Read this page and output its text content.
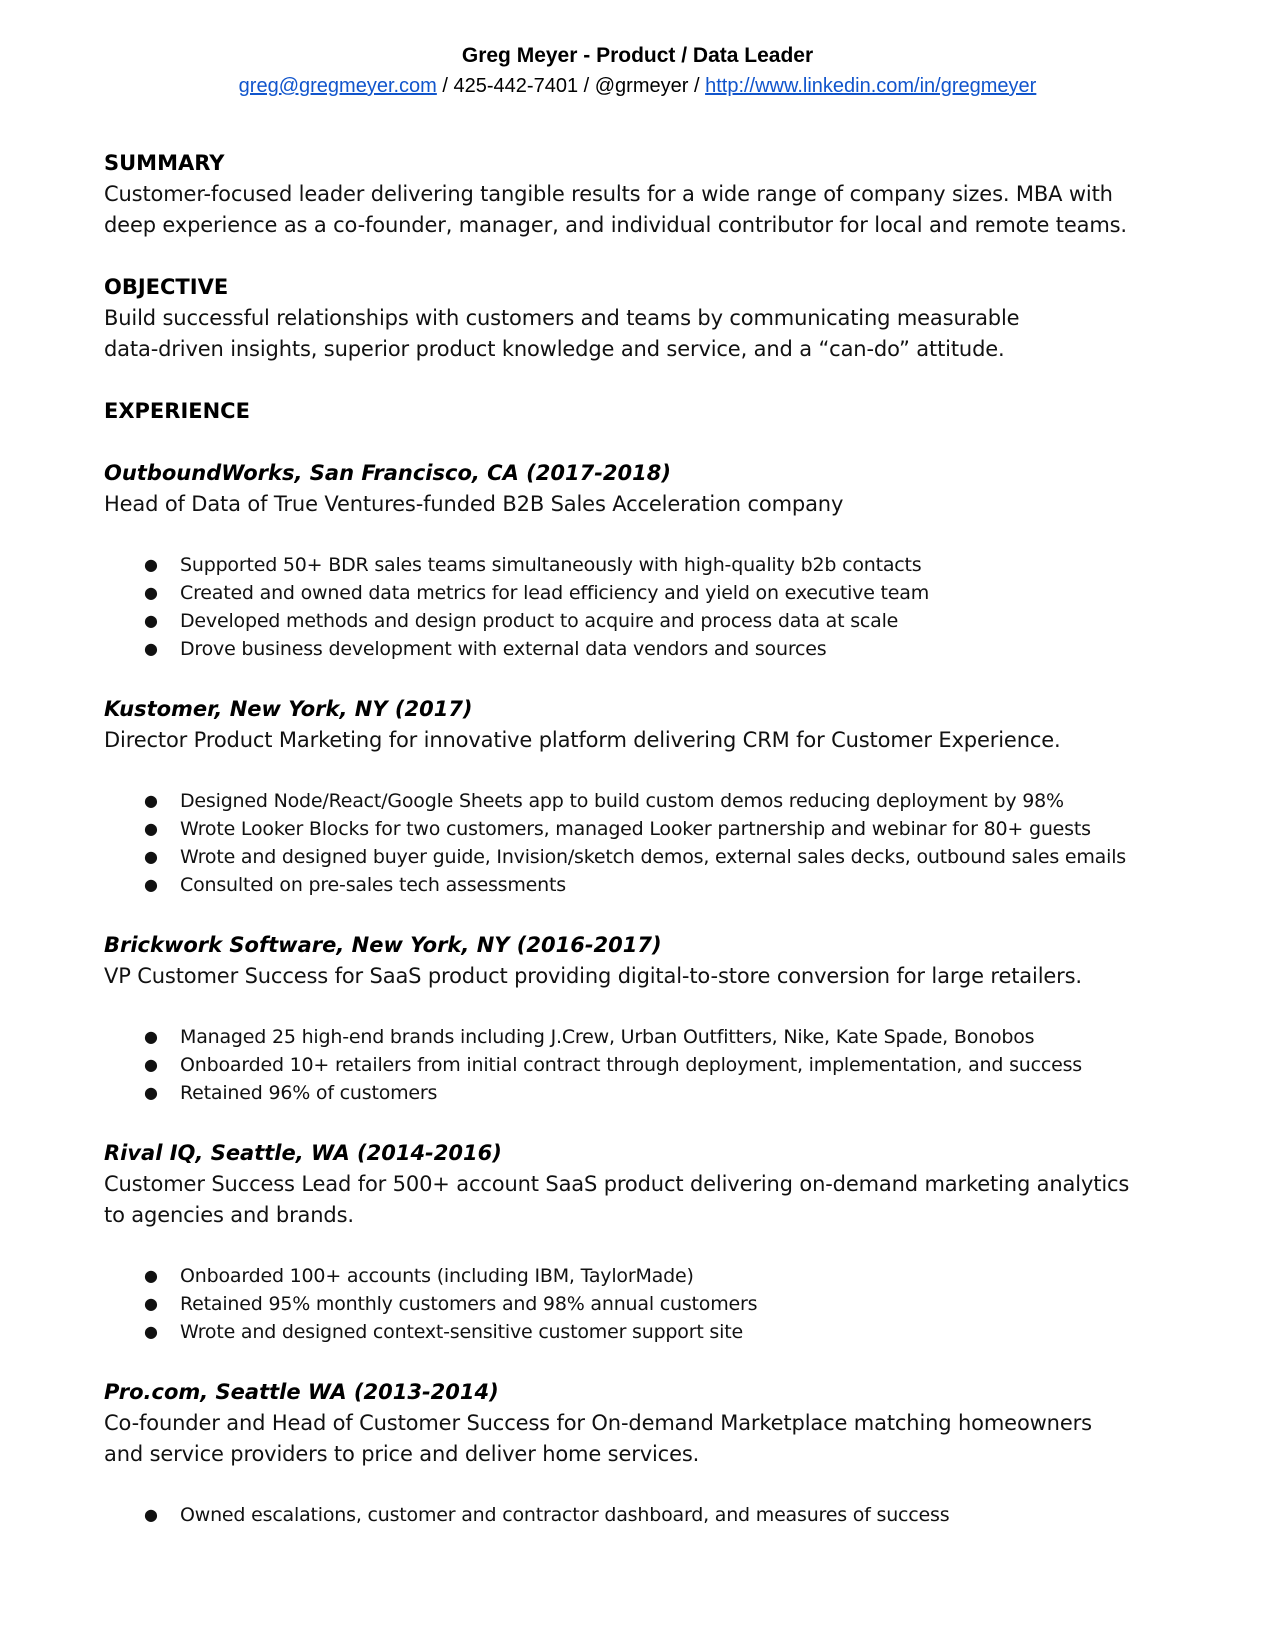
Greg Meyer - Product / Data Leader
greg@gregmeyer.com / 425-442-7401 / @grmeyer / http://www.linkedin.com/in/gregmeyer

SUMMARY

Customer-focused leader delivering tangible results for a wide range of company sizes. MBA with

deep experience as a co-founder, manager, and individual contributor for local and remote teams.

OBJECTIVE

Build successful relationships with customers and teams by communicating measurable

data-driven insights, superior product knowledge and service, and a “can-do” attitude.

EXPERIENCE

OutboundWorks, San Francisco, CA (2017-2018)

Head of Data of True Ventures-funded B2B Sales Acceleration company

● Supported 50+ BDR sales teams simultaneously with high-quality b2b contacts
● Created and owned data metrics for lead efficiency and yield on executive team
● Developed methods and design product to acquire and process data at scale
● Drove business development with external data vendors and sources

Kustomer, New York, NY (2017)

Director Product Marketing for innovative platform delivering CRM for Customer Experience.

● Designed Node/React/Google Sheets app to build custom demos reducing deployment by 98%
● Wrote Looker Blocks for two customers, managed Looker partnership and webinar for 80+ guests
● Wrote and designed buyer guide, Invision/sketch demos, external sales decks, outbound sales emails
● Consulted on pre-sales tech assessments

Brickwork Software, New York, NY (2016-2017)

VP Customer Success for SaaS product providing digital-to-store conversion for large retailers.

● Managed 25 high-end brands including J.Crew, Urban Outfitters, Nike, Kate Spade, Bonobos
● Onboarded 10+ retailers from initial contract through deployment, implementation, and success
● Retained 96% of customers

Rival IQ, Seattle, WA (2014-2016)

Customer Success Lead for 500+ account SaaS product delivering on-demand marketing analytics

to agencies and brands.

● Onboarded 100+ accounts (including IBM, TaylorMade)
● Retained 95% monthly customers and 98% annual customers
● Wrote and designed context-sensitive customer support site

Pro.com, Seattle WA (2013-2014)

Co-founder and Head of Customer Success for On-demand Marketplace matching homeowners

and service providers to price and deliver home services.

● Owned escalations, customer and contractor dashboard, and measures of success
